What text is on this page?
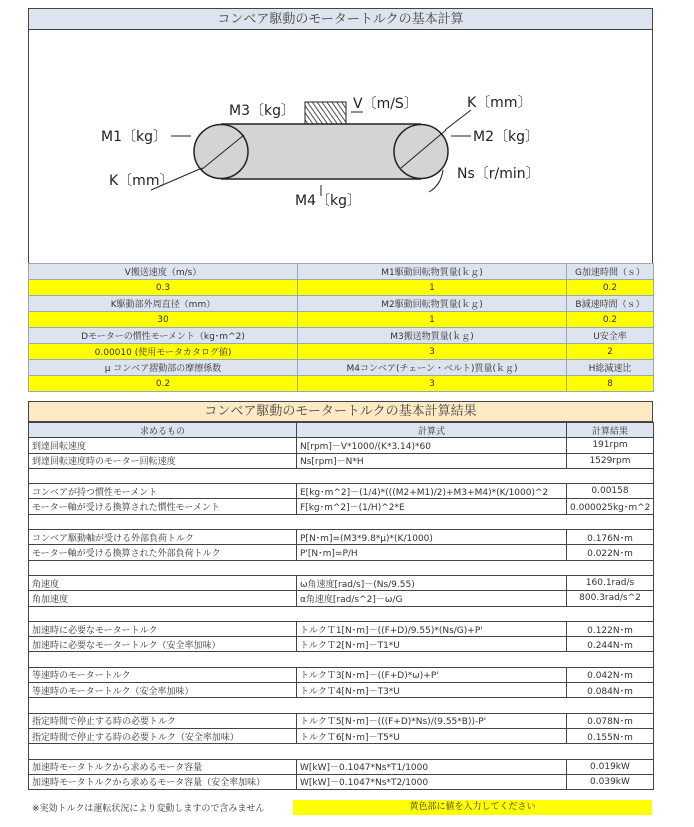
コンベア駆動のモータートルクの基本計算
M3〔kg〕	V〔m/S〕	K〔mm〕
M1〔kg〕	M2〔kg〕
Ns〔r/min〕
K〔mm〕
M4〔kg〕
V搬送速度（m/s）	M1駆動回転物質量(ｋｇ)	G加速時間（ｓ）
0.3	1	0.2
K駆動部外周直径（mm）	M2駆動回転物質量(ｋｇ)	B減速時間（ｓ）
30	1	0.2
Dモーターの慣性モーメント（kg･m^2)	M3搬送物質量(ｋｇ)	U安全率
0.00010 (使用モータカタログ値)	3	2
μ コンベア摺動部の摩擦係数	M4コンベア(チェーン・ベルト)質量(ｋｇ)	H総減速比
0.2	3	8
コンベア駆動のモータートルクの基本計算結果
求めるもの	計算式	計算結果
到達回転速度	N[rpm]－V*1000/(K*3.14)*60	191rpm
到達回転速度時のモーター回転速度	Ns[rpm]－N*H	1529rpm

コンベアが持つ慣性モーメント	E[kg･m^2]－(1/4)*(((M2+M1)/2)+M3+M4)*(K/1000)^2	0.00158
モーター軸が受ける換算された慣性モーメント	F[kg･m^2]－(1/H)^2*E	0.000025kg･m^2

コンベア駆動軸が受ける外部負荷トルク	P[N･m]=(M3*9.8*μ)*(K/1000)	0.176N･m
モーター軸が受ける換算された外部負荷トルク	P'[N･m]=P/H	0.022N･m

角速度	ω角速度[rad/s]－(Ns/9.55)	160.1rad/s
角加速度	α角速度[rad/s^2]－ω/G	800.3rad/s^2

加速時に必要なモータートルク	トルクＴ1[N･m]－((F+D)/9.55)*(Ns/G)+P'	0.122N･m
加速時に必要なモータートルク（安全率加味）	トルクＴ2[N･m]－T1*U	0.244N･m

等速時のモータートルク	トルクＴ3[N･m]－((F+D)*ω)+P'	0.042N･m
等速時のモータートルク（安全率加味）	トルクＴ4[N･m]－T3*U	0.084N･m

指定時間で停止する時の必要トルク	トルクＴ5[N･m]－(((F+D)*Ns)/(9.55*B))-P'	0.078N･m
指定時間で停止する時の必要トルク（安全率加味）	トルクＴ6[N･m]－T5*U	0.155N･m

加速時モータトルクから求めるモータ容量	W[kW]－0.1047*Ns*T1/1000	0.019kW
加速時モータトルクから求めるモータ容量（安全率加味）	W[kW]－0.1047*Ns*T2/1000	0.039kW
※実効トルクは運転状況により変動しますので含みません	黄色部に値を入力してください
